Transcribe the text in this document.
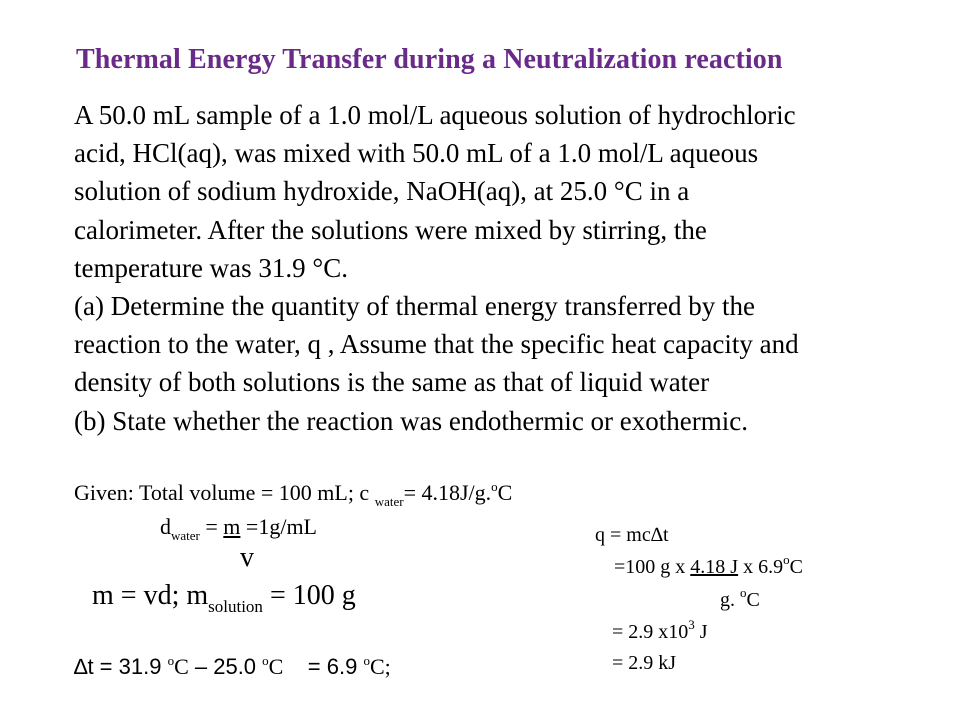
Thermal Energy Transfer during a Neutralization reaction
A 50.0 mL sample of a 1.0 mol/L aqueous solution of hydrochloric
acid, HCl(aq), was mixed with 50.0 mL of a 1.0 mol/L aqueous
solution of sodium hydroxide, NaOH(aq), at 25.0 °C in a
calorimeter. After the solutions were mixed by stirring, the
temperature was 31.9 °C.
(a) Determine the quantity of thermal energy transferred by the
reaction to the water, q , Assume that the specific heat capacity and
density of both solutions is the same as that of liquid water
(b) State whether the reaction was endothermic or exothermic.
Given: Total volume = 100 mL; c $_{water}$= 4.18J/g.$^o$C
$d_{water} = m =1g/mL$
v
m = vd; $m_{solution} = 100$ g
∆t = 31.9 $^o$C – 25.0 $^o$C    = 6.9 $^o$C;
q = mc∆t
=100 g x 4.18 J x 6.9$^o$C
g. $^o$C
= 2.9 $x10^3$ J
= 2.9 kJ
